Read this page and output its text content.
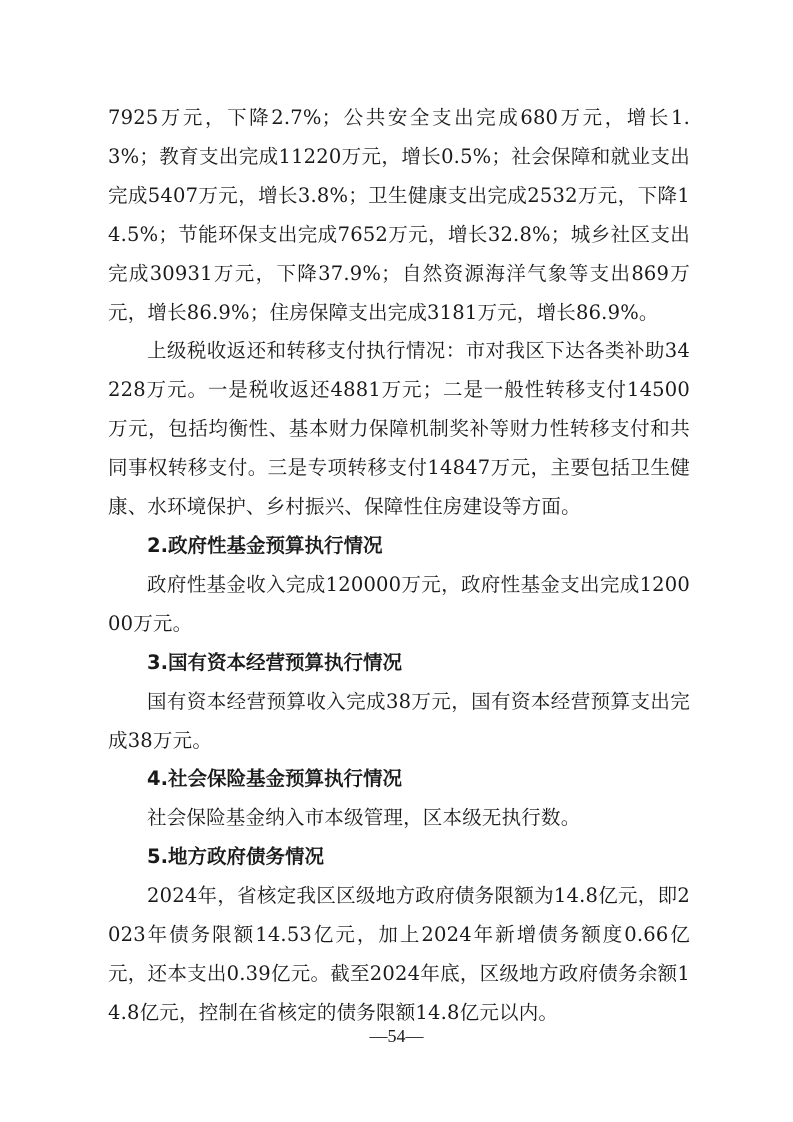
7925万元，下降2.7%；公共安全支出完成680万元，增长1.3%；教育支出完成11220万元，增长0.5%；社会保障和就业支出完成5407万元，增长3.8%；卫生健康支出完成2532万元，下降14.5%；节能环保支出完成7652万元，增长32.8%；城乡社区支出完成30931万元，下降37.9%；自然资源海洋气象等支出869万元，增长86.9%；住房保障支出完成3181万元，增长86.9%。

上级税收返还和转移支付执行情况：市对我区下达各类补助34228万元。一是税收返还4881万元；二是一般性转移支付14500万元，包括均衡性、基本财力保障机制奖补等财力性转移支付和共同事权转移支付。三是专项转移支付14847万元，主要包括卫生健康、水环境保护、乡村振兴、保障性住房建设等方面。

2.政府性基金预算执行情况

政府性基金收入完成120000万元，政府性基金支出完成120000万元。

3.国有资本经营预算执行情况

国有资本经营预算收入完成38万元，国有资本经营预算支出完成38万元。

4.社会保险基金预算执行情况

社会保险基金纳入市本级管理，区本级无执行数。

5.地方政府债务情况

2024年，省核定我区区级地方政府债务限额为14.8亿元，即2023年债务限额14.53亿元，加上2024年新增债务额度0.66亿元，还本支出0.39亿元。截至2024年底，区级地方政府债务余额14.8亿元，控制在省核定的债务限额14.8亿元以内。

—54—
